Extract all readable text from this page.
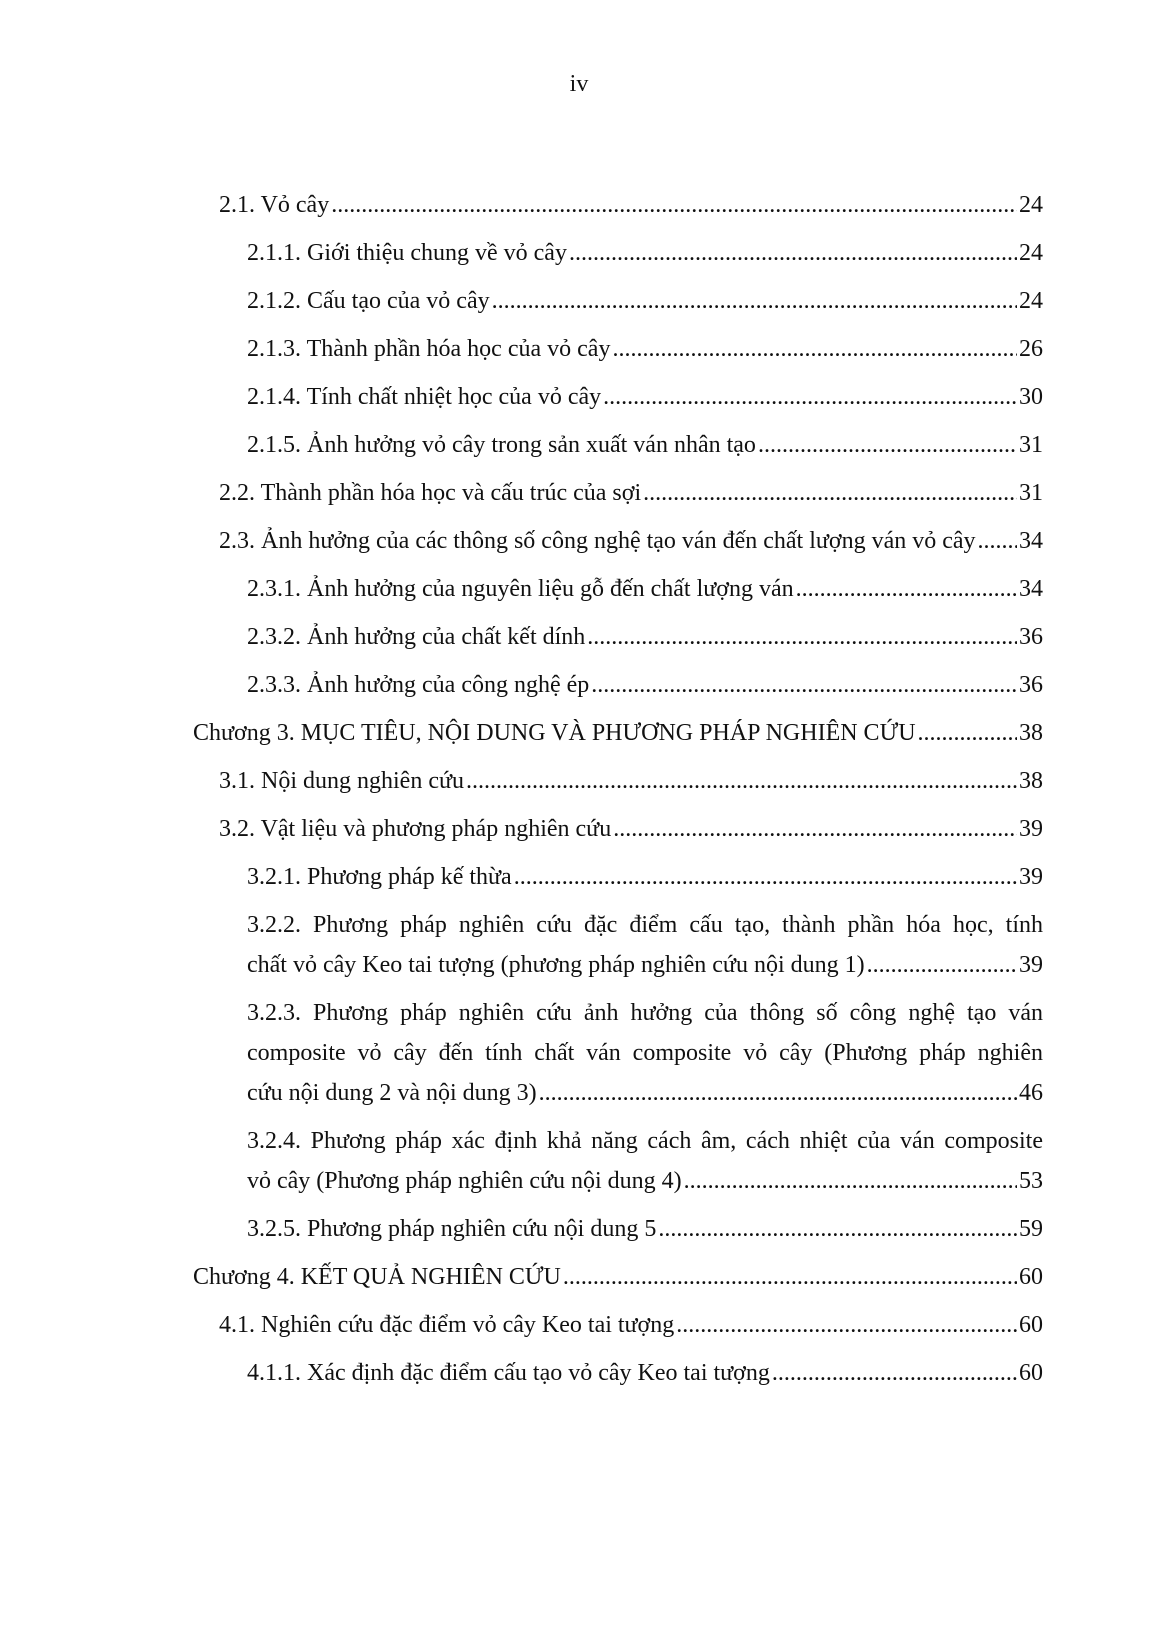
iv
2.1. Vỏ cây .....	24
2.1.1. Giới thiệu chung về vỏ cây .....	24
2.1.2. Cấu tạo của vỏ cây .....	24
2.1.3. Thành phần hóa học của vỏ cây .....	26
2.1.4. Tính chất nhiệt học của vỏ cây .....	30
2.1.5. Ảnh hưởng vỏ cây trong sản xuất ván nhân tạo .....	31
2.2. Thành phần hóa học và cấu trúc của sợi .....	31
2.3. Ảnh hưởng của các thông số công nghệ tạo ván đến chất lượng ván vỏ cây ..... 34
2.3.1. Ảnh hưởng của nguyên liệu gỗ đến chất lượng ván .....	34
2.3.2. Ảnh hưởng của chất kết dính .....	36
2.3.3. Ảnh hưởng của công nghệ ép .....	36
Chương 3. MỤC TIÊU, NỘI DUNG VÀ PHƯƠNG PHÁP NGHIÊN CỨU .....	38
3.1. Nội dung nghiên cứu .....	38
3.2. Vật liệu và phương pháp nghiên cứu .....	39
3.2.1. Phương pháp kế thừa .....	39
3.2.2. Phương pháp nghiên cứu đặc điểm cấu tạo, thành phần hóa học, tính
chất vỏ cây Keo tai tượng (phương pháp nghiên cứu nội dung 1) .....	39
3.2.3. Phương pháp nghiên cứu ảnh hưởng của thông số công nghệ tạo ván
composite vỏ cây đến tính chất ván composite vỏ cây (Phương pháp nghiên
cứu nội dung 2 và nội dung 3) .....	46
3.2.4. Phương pháp xác định khả năng cách âm, cách nhiệt của ván composite
vỏ cây (Phương pháp nghiên cứu nội dung 4) .....	53
3.2.5. Phương pháp nghiên cứu nội dung 5 .....	59
Chương 4. KẾT QUẢ NGHIÊN CỨU .....	60
4.1. Nghiên cứu đặc điểm vỏ cây Keo tai tượng .....	60
4.1.1. Xác định đặc điểm cấu tạo vỏ cây Keo tai tượng .....	60
